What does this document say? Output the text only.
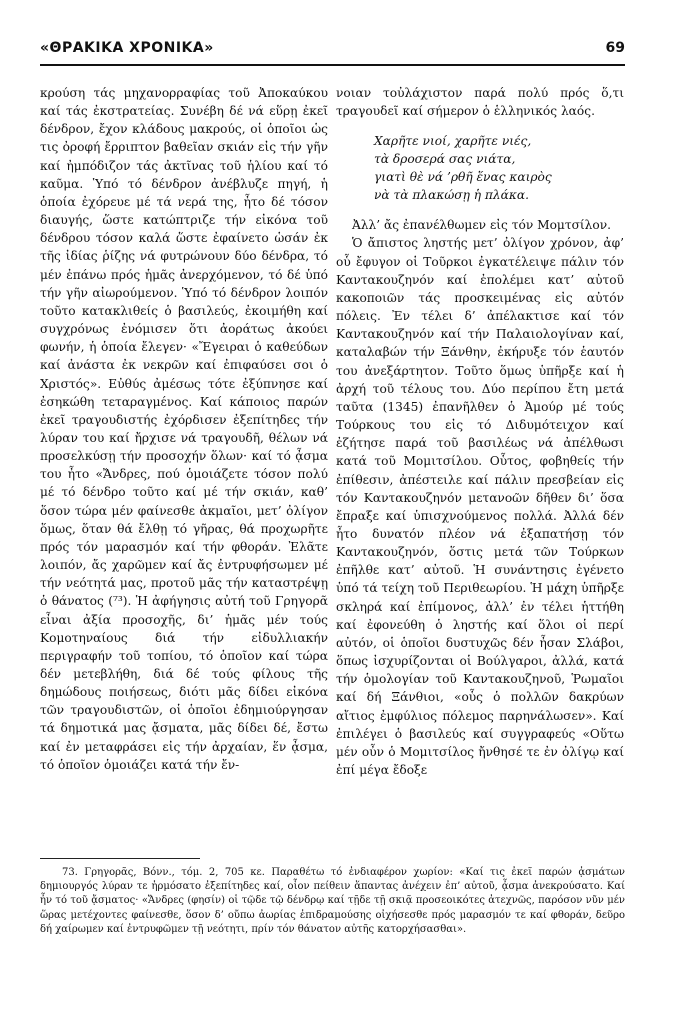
«ΘΡΑΚΙΚΑ ΧΡΟΝΙΚΑ»	69

κρούση τάς μηχανορραφίας τοῦ Ἀποκαύκου καί τάς ἐκστρατείας. Συνέβη δέ νά εὕρῃ ἐκεῖ δένδρον, ἔχον κλάδους μακρούς, οἱ ὁποῖοι ὡς τις ὀροφή ἔρριπτον βαθεῖαν σκιάν εἰς τήν γῆν καί ἠμπόδιζον τάς ἀκτῖνας τοῦ ἡλίου καί τό καῦμα. Ὑπό τό δένδρον ἀνέβλυζε πηγή, ἡ ὁποία ἐχόρευε μέ τά νερά της, ἦτο δέ τόσον διαυγής, ὥστε κατώπτριζε τήν εἰκόνα τοῦ δένδρου τόσον καλά ὥστε ἐφαίνετο ὡσάν ἐκ τῆς ἰδίας ῥίζης νά φυτρώνουν δύο δένδρα, τό μέν ἐπάνω πρός ἡμᾶς ἀνερχόμενον, τό δέ ὑπό τήν γῆν αἰωρούμενον. Ὑπό τό δένδρον λοιπόν τοῦτο κατακλιθείς ὁ βασιλεύς, ἐκοιμήθη καί συγχρόνως ἐνόμισεν ὅτι ἀοράτως ἀκούει φωνήν, ἡ ὁποία ἔλεγεν· «Ἔγειραι ὁ καθεύδων καί ἀνάστα ἐκ νεκρῶν καί ἐπιφαύσει σοι ὁ Χριστός». Εὐθύς ἀμέσως τότε ἐξύπνησε καί ἐσηκώθη τεταραγμένος. Καί κάποιος παρών ἐκεῖ τραγουδιστής ἐχόρδισεν ἐξεπίτηδες τήν λύραν του καί ἤρχισε νά τραγουδῆ, θέλων νά προσελκύσῃ τήν προσοχήν ὅλων· καί τό ᾆσμα του ἦτο «Ἄνδρες, πού ὁμοιάζετε τόσον πολύ μέ τό δένδρο τοῦτο καί μέ τήν σκιάν, καθ’ ὅσον τώρα μέν φαίνεσθε ἀκμαῖοι, μετ’ ὀλίγον ὅμως, ὅταν θά ἔλθῃ τό γῆρας, θά προχωρῆτε πρός τόν μαρασμόν καί τήν φθοράν. Ἐλᾶτε λοιπόν, ἄς χαρῶμεν καί ἄς ἐντρυφήσωμεν μέ τήν νεότητά μας, προτοῦ μᾶς τήν καταστρέψῃ ὁ θάνατος (⁷³). Ἡ ἀφήγησις αὐτή τοῦ Γρηγορᾶ εἶναι ἀξία προσοχῆς, δι’ ἡμᾶς μέν τούς Κομοτηναίους διά τήν εἰδυλλιακήν περιγραφήν τοῦ τοπίου, τό ὁποῖον καί τώρα δέν μετεβλήθη, διά δέ τούς φίλους τῆς δημώδους ποιήσεως, διότι μᾶς δίδει εἰκόνα τῶν τραγουδιστῶν, οἱ ὁποῖοι ἐδημιούργησαν τά δημοτικά μας ᾄσματα, μᾶς δίδει δέ, ἔστω καί ἐν μεταφράσει εἰς τήν ἀρχαίαν, ἕν ᾆσμα, τό ὁποῖον ὁμοιάζει κατά τήν ἔν-

νοιαν τοὐλάχιστον παρά πολύ πρός ὅ,τι τραγουδεῖ καί σήμερον ὁ ἑλληνικός λαός.

Χαρῆτε νιοί, χαρῆτε νιές,
τὰ δροσερά σας νιάτα,
γιατὶ θὲ νά ’ρθῆ ἕνας καιρὸς
νὰ τὰ πλακώσῃ ἡ πλάκα.

Ἀλλ’ ἄς ἐπανέλθωμεν εἰς τόν Μομτσίλον.

Ὁ ἄπιστος ληστής μετ’ ὀλίγον χρόνον, ἀφ’ οὗ ἔφυγον οἱ Τοῦρκοι ἐγκατέλειψε πάλιν τόν Καντακουζηνόν καί ἐπολέμει κατ’ αὐτοῦ κακοποιῶν τάς προσκειμένας εἰς αὐτόν πόλεις. Ἐν τέλει δ’ ἀπέλακτισε καί τόν Καντακουζηνόν καί τήν Παλαιολογίναν καί, καταλαβών τήν Ξάνθην, ἐκήρυξε τόν ἑαυτόν του ἀνεξάρτητον. Τοῦτο ὅμως ὑπῆρξε καί ἡ ἀρχή τοῦ τέλους του. Δύο περίπου ἔτη μετά ταῦτα (1345) ἐπανῆλθεν ὁ Ἀμούρ μέ τούς Τούρκους του εἰς τό Διδυμότειχον καί ἐζήτησε παρά τοῦ βασιλέως νά ἀπέλθωσι κατά τοῦ Μομιτσίλου. Οὗτος, φοβηθείς τήν ἐπίθεσιν, ἀπέστειλε καί πάλιν πρεσβείαν εἰς τόν Καντακουζηνόν μετανοῶν δῆθεν δι’ ὅσα ἔπραξε καί ὑπισχνούμενος πολλά. Ἀλλά δέν ἦτο δυνατόν πλέον νά ἐξαπατήσῃ τόν Καντακουζηνόν, ὅστις μετά τῶν Τούρκων ἐπῆλθε κατ’ αὐτοῦ. Ἡ συνάντησις ἐγένετο ὑπό τά τείχη τοῦ Περιθεωρίου. Ἡ μάχη ὑπῆρξε σκληρά καί ἐπίμονος, ἀλλ’ ἐν τέλει ἡττήθη καί ἐφονεύθη ὁ ληστής καί ὅλοι οἱ περί αὐτόν, οἱ ὁποῖοι δυστυχῶς δέν ἦσαν Σλάβοι, ὅπως ἰσχυρίζονται οἱ Βούλγαροι, ἀλλά, κατά τήν ὁμολογίαν τοῦ Καντακουζηνοῦ, Ῥωμαῖοι καί δή Ξάνθιοι, «οὗς ὁ πολλῶν δακρύων αἴτιος ἐμφύλιος πόλεμος παρηνάλωσεν». Καί ἐπιλέγει ὁ βασιλεύς καί συγγραφεύς «Οὕτω μέν οὖν ὁ Μομιτσίλος ἤνθησέ τε ἐν ὀλίγῳ καί ἐπί μέγα ἔδοξε

73. Γρηγορᾶς, Βόνν., τόμ. 2, 705 κε. Παραθέτω τό ἐνδιαφέρον χωρίον: «Καί τις ἐκεῖ παρών ᾀσμάτων δημιουργός λύραν τε ἡρμόσατο ἐξεπίτηδες καί, οἷον πείθειν ἅπαντας ἀνέχειν ἐπ’ αὐτοῦ, ᾆσμα ἀνεκρούσατο. Καί ἦν τό τοῦ ᾄσματος· «Ἄνδρες (φησίν) οἱ τῷδε τῷ δένδρῳ καί τῇδε τῇ σκιᾷ προσεοικότες ἀτεχνῶς, παρόσον νῦν μέν ὥρας μετέχοντες φαίνεσθε, ὅσον δ’ οὔπω ἀωρίας ἐπιδραμούσης οἰχήσεσθε πρός μαρασμόν τε καί φθοράν, δεῦρο δή χαίρωμεν καί ἐντρυφῶμεν τῇ νεότητι, πρίν τόν θάνατον αὐτῆς κατορχήσασθαι».
